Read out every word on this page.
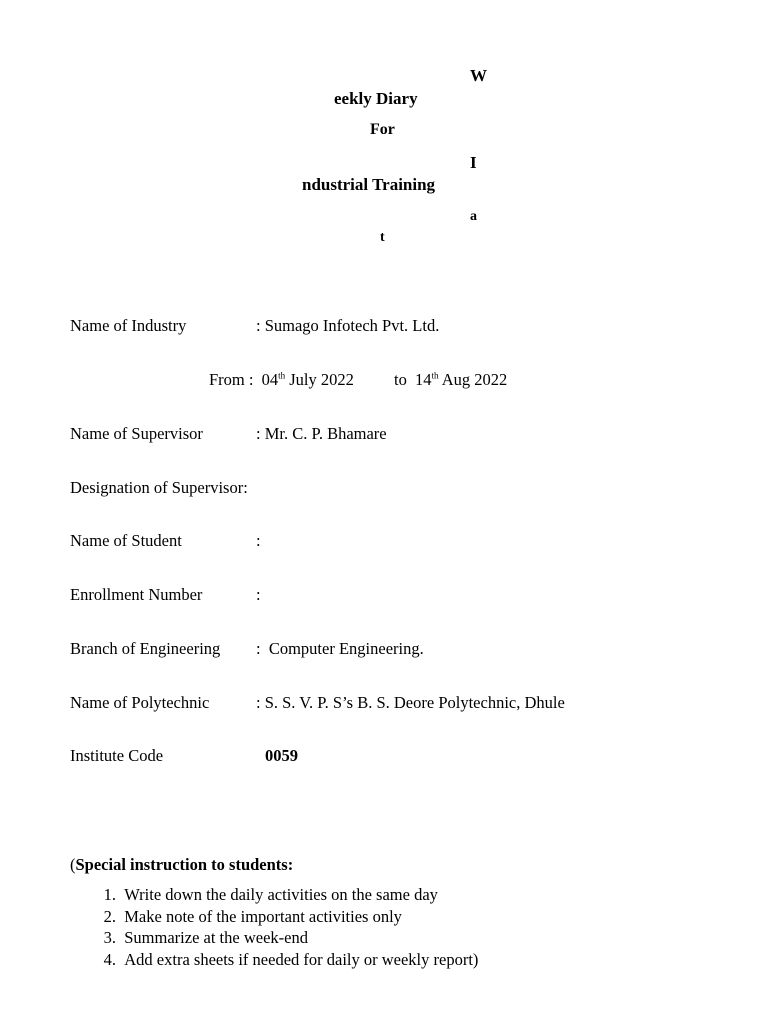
W
eekly Diary
For
I
ndustrial Training
a
t
Name of Industry	: Sumago Infotech Pvt. Ltd.
From : 04th July 2022 to 14th Aug 2022
Name of Supervisor	: Mr. C. P. Bhamare
Designation of Supervisor:
Name of Student	:
Enrollment Number	:
Branch of Engineering :  Computer Engineering.
Name of Polytechnic	: S. S. V. P. S’s B. S. Deore Polytechnic, Dhule
Institute Code	0059
(Special instruction to students:
1. Write down the daily activities on the same day
2. Make note of the important activities only
3. Summarize at the week-end
4. Add extra sheets if needed for daily or weekly report)
